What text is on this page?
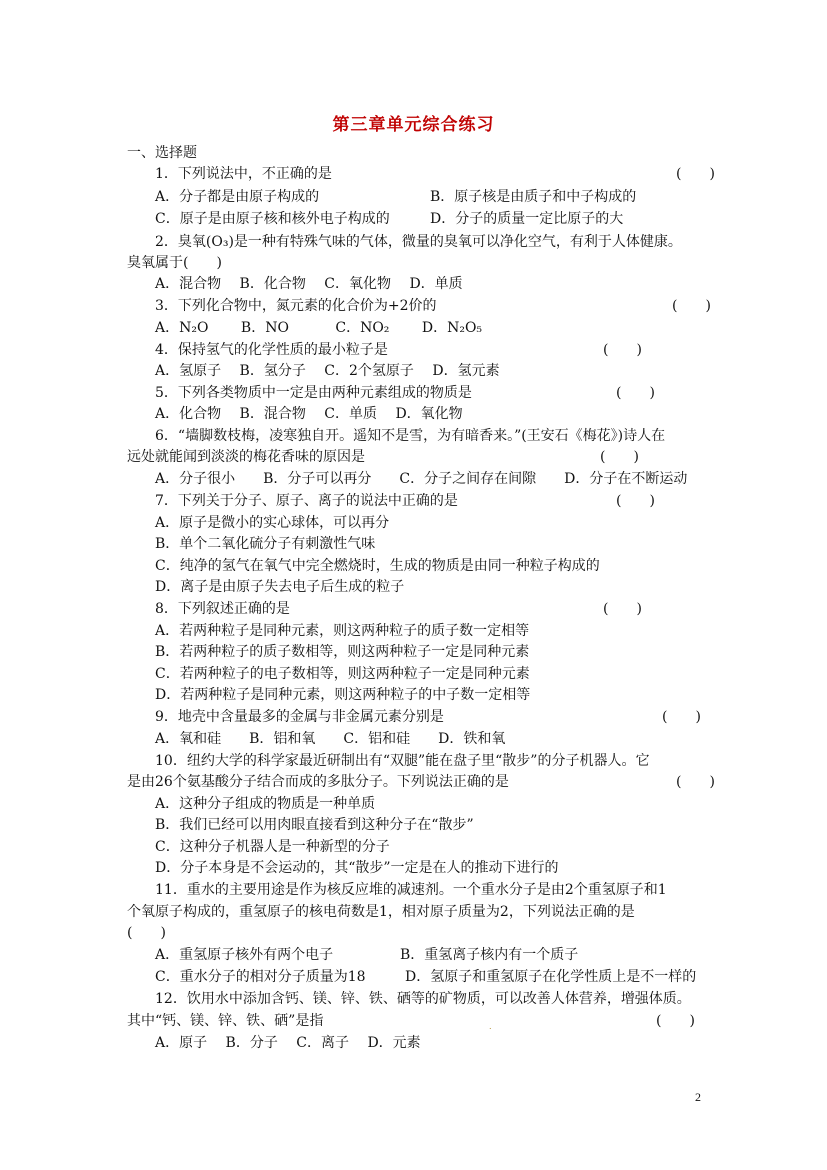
第三章单元综合练习
一、选择题
1．下列说法中，不正确的是	(　　)
A．分子都是由原子构成的	B．原子核是由质子和中子构成的
C．原子是由原子核和核外电子构成的	D．分子的质量一定比原子的大
2．臭氧(O₃)是一种有特殊气味的气体，微量的臭氧可以净化空气，有利于人体健康。
臭氧属于(　　)
A．混合物　 B．化合物　 C．氧化物　 D．单质
3．下列化合物中，氮元素的化合价为+2价的	(　　)
A．N₂O　　 B．NO　　　 C．NO₂　　 D．N₂O₅
4．保持氢气的化学性质的最小粒子是	(　　)
A．氢原子　 B．氢分子　 C．2个氢原子　 D．氢元素
5．下列各类物质中一定是由两种元素组成的物质是	(　　)
A．化合物　 B．混合物　 C．单质　 D．氧化物
6．“墙脚数枝梅，凌寒独自开。遥知不是雪，为有暗香来。”(王安石《梅花》)诗人在
远处就能闻到淡淡的梅花香味的原因是	(　　)
A．分子很小　　B．分子可以再分　　C．分子之间存在间隙　　D．分子在不断运动
7．下列关于分子、原子、离子的说法中正确的是	(　　)
A．原子是微小的实心球体，可以再分
B．单个二氧化硫分子有刺激性气味
C．纯净的氢气在氧气中完全燃烧时，生成的物质是由同一种粒子构成的
D．离子是由原子失去电子后生成的粒子
8．下列叙述正确的是	(　　)
A．若两种粒子是同种元素，则这两种粒子的质子数一定相等
B．若两种粒子的质子数相等，则这两种粒子一定是同种元素
C．若两种粒子的电子数相等，则这两种粒子一定是同种元素
D．若两种粒子是同种元素，则这两种粒子的中子数一定相等
9．地壳中含量最多的金属与非金属元素分别是	(　　)
A．氧和硅　　B．铝和氧　　C．铝和硅　　D．铁和氧
10．纽约大学的科学家最近研制出有“双腿”能在盘子里“散步”的分子机器人。它
是由26个氨基酸分子结合而成的多肽分子。下列说法正确的是	(　　)
A．这种分子组成的物质是一种单质
B．我们已经可以用肉眼直接看到这种分子在“散步”
C．这种分子机器人是一种新型的分子
D．分子本身是不会运动的，其“散步”一定是在人的推动下进行的
11．重水的主要用途是作为核反应堆的减速剂。一个重水分子是由2个重氢原子和1
个氧原子构成的，重氢原子的核电荷数是1，相对原子质量为2，下列说法正确的是
(　　)
A．重氢原子核外有两个电子	B．重氢离子核内有一个质子
C．重水分子的相对分子质量为18	D．氢原子和重氢原子在化学性质上是不一样的
12．饮用水中添加含钙、镁、锌、铁、硒等的矿物质，可以改善人体营养，增强体质。
其中“钙、镁、锌、铁、硒”是指	(　　)
A．原子　 B．分子　 C．离子　 D．元素
.
2
